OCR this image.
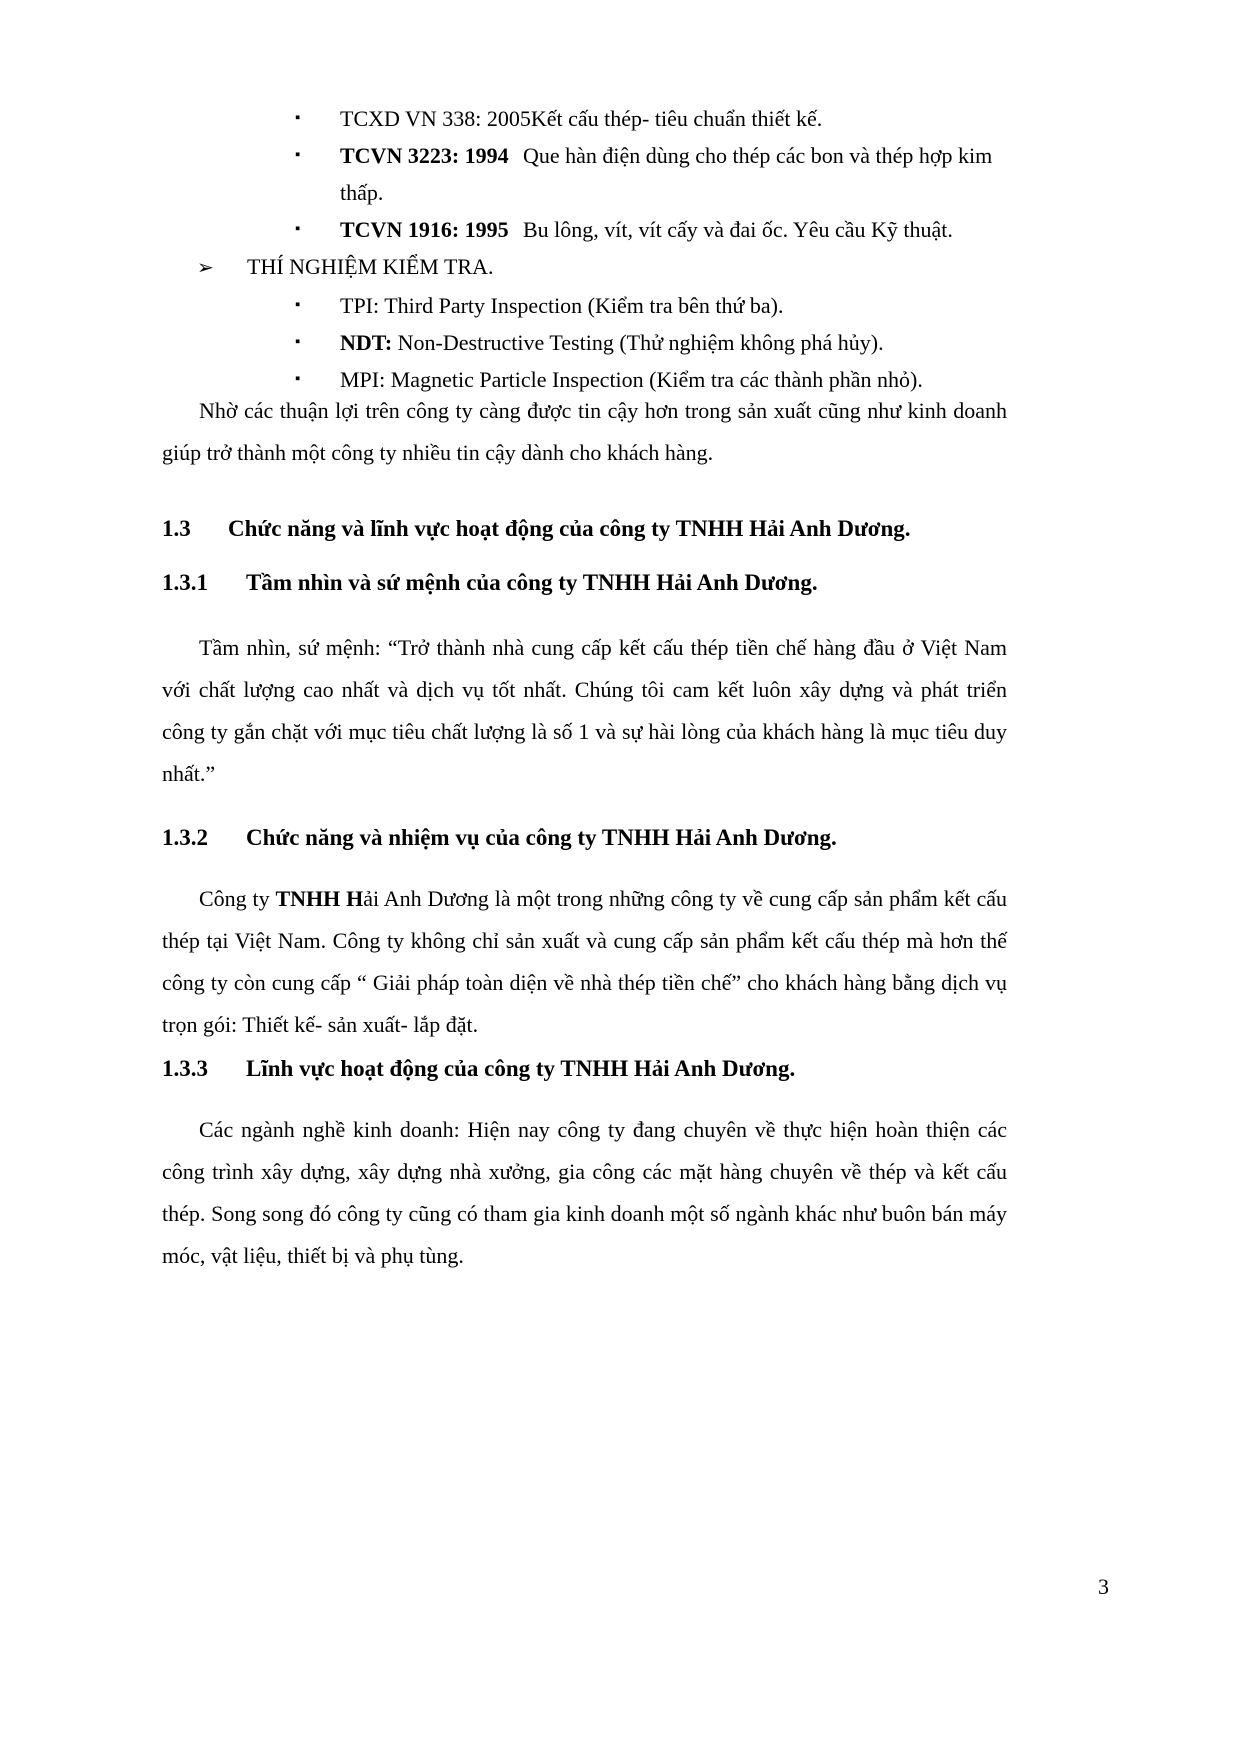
▪ TCXD VN 338: 2005Kết cấu thép- tiêu chuẩn thiết kế.
▪ TCVN 3223: 1994 Que hàn điện dùng cho thép các bon và thép hợp kim thấp.
▪ TCVN 1916: 1995 Bu lông, vít, vít cấy và đai ốc. Yêu cầu Kỹ thuật.
➢ THÍ NGHIỆM KIỂM TRA.
▪ TPI: Third Party Inspection (Kiểm tra bên thứ ba).
▪ NDT: Non-Destructive Testing (Thử nghiệm không phá hủy).
▪ MPI: Magnetic Particle Inspection (Kiểm tra các thành phần nhỏ).

Nhờ các thuận lợi trên công ty càng được tin cậy hơn trong sản xuất cũng như kinh doanh giúp trở thành một công ty nhiều tin cậy dành cho khách hàng.

1.3 Chức năng và lĩnh vực hoạt động của công ty TNHH Hải Anh Dương.
1.3.1 Tầm nhìn và sứ mệnh của công ty TNHH Hải Anh Dương.

Tầm nhìn, sứ mệnh: “Trở thành nhà cung cấp kết cấu thép tiền chế hàng đầu ở Việt Nam với chất lượng cao nhất và dịch vụ tốt nhất. Chúng tôi cam kết luôn xây dựng và phát triển công ty gắn chặt với mục tiêu chất lượng là số 1 và sự hài lòng của khách hàng là mục tiêu duy nhất.”

1.3.2 Chức năng và nhiệm vụ của công ty TNHH Hải Anh Dương.

Công ty TNHH Hải Anh Dương là một trong những công ty về cung cấp sản phẩm kết cấu thép tại Việt Nam. Công ty không chỉ sản xuất và cung cấp sản phẩm kết cấu thép mà hơn thế công ty còn cung cấp “ Giải pháp toàn diện về nhà thép tiền chế” cho khách hàng bằng dịch vụ trọn gói: Thiết kế- sản xuất- lắp đặt.

1.3.3 Lĩnh vực hoạt động của công ty TNHH Hải Anh Dương.

Các ngành nghề kinh doanh: Hiện nay công ty đang chuyên về thực hiện hoàn thiện các công trình xây dựng, xây dựng nhà xưởng, gia công các mặt hàng chuyên về thép và kết cấu thép. Song song đó công ty cũng có tham gia kinh doanh một số ngành khác như buôn bán máy móc, vật liệu, thiết bị và phụ tùng.

3
